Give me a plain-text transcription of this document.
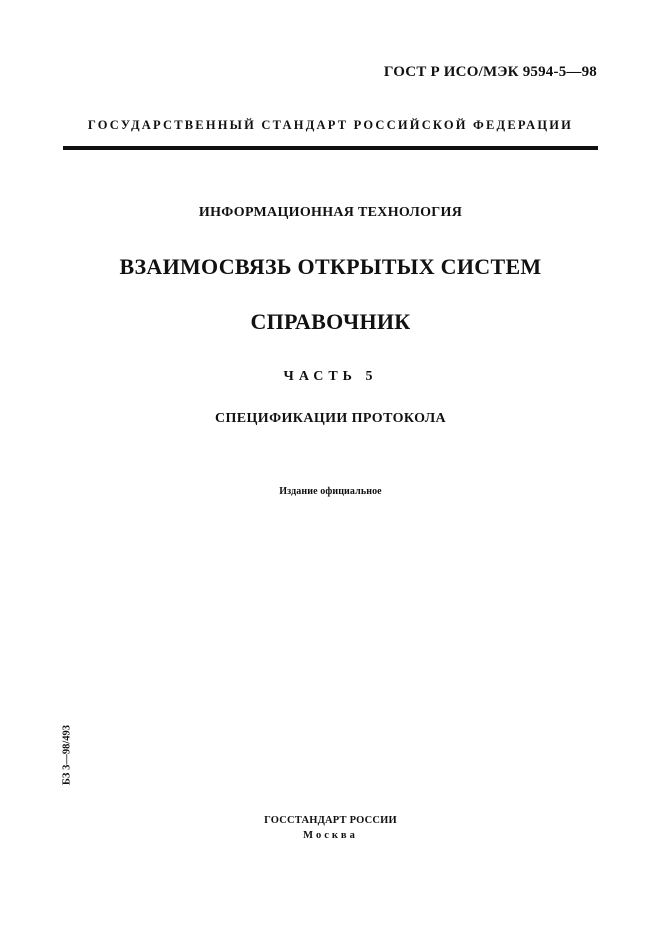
ГОСТ Р ИСО/МЭК 9594-5—98
ГОСУДАРСТВЕННЫЙ СТАНДАРТ РОССИЙСКОЙ ФЕДЕРАЦИИ
ИНФОРМАЦИОННАЯ ТЕХНОЛОГИЯ
ВЗАИМОСВЯЗЬ ОТКРЫТЫХ СИСТЕМ
СПРАВОЧНИК
ЧАСТЬ 5
СПЕЦИФИКАЦИИ ПРОТОКОЛА
Издание официальное
БЗ 3—98/493
ГОССТАНДАРТ РОССИИ
Москва
